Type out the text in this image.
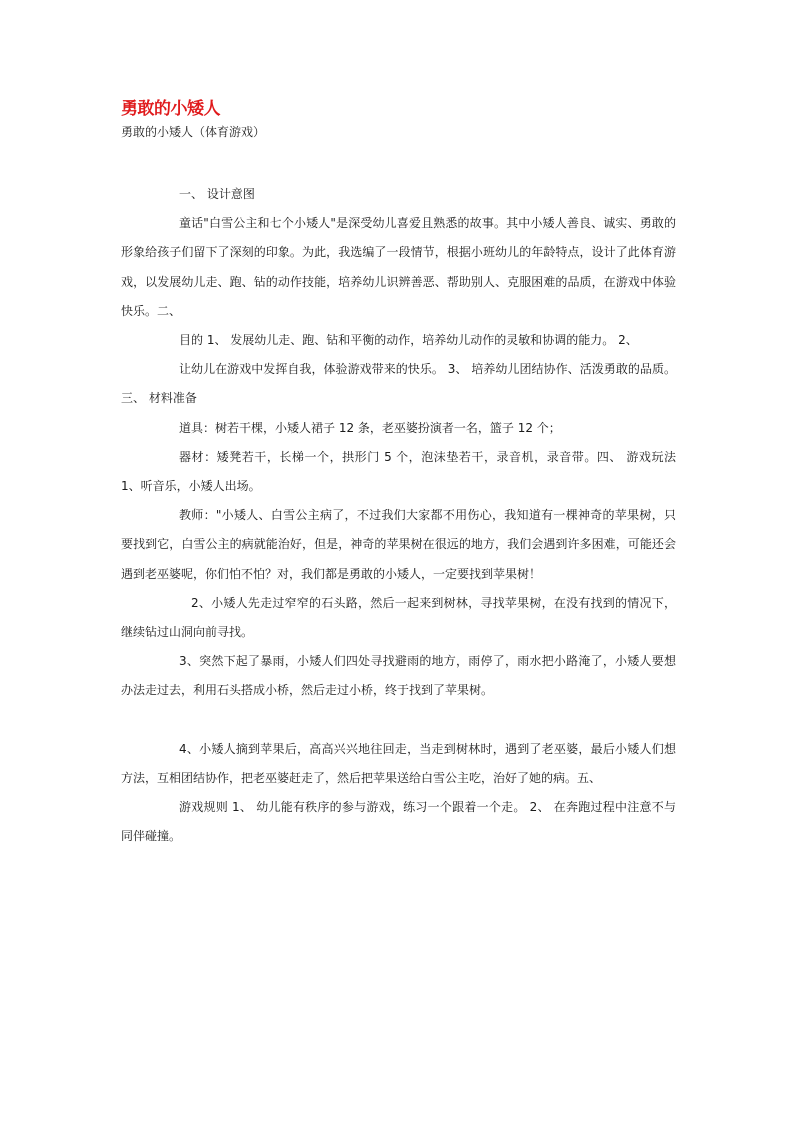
勇敢的小矮人
勇敢的小矮人（体育游戏）

一、 设计意图

童话"白雪公主和七个小矮人"是深受幼儿喜爱且熟悉的故事。其中小矮人善良、诚实、勇敢的形象给孩子们留下了深刻的印象。为此，我选编了一段情节，根据小班幼儿的年龄特点，设计了此体育游戏，以发展幼儿走、跑、钻的动作技能，培养幼儿识辨善恶、帮助别人、克服困难的品质，在游戏中体验快乐。二、

目的 1、 发展幼儿走、跑、钻和平衡的动作，培养幼儿动作的灵敏和协调的能力。 2、

让幼儿在游戏中发挥自我，体验游戏带来的快乐。 3、 培养幼儿团结协作、活泼勇敢的品质。三、 材料准备

道具：树若干棵，小矮人裙子 12 条，老巫婆扮演者一名，篮子 12 个；

器材：矮凳若干，长梯一个，拱形门 5 个，泡沫垫若干，录音机，录音带。四、 游戏玩法 1、听音乐，小矮人出场。

教师："小矮人、白雪公主病了，不过我们大家都不用伤心，我知道有一棵神奇的苹果树，只要找到它，白雪公主的病就能治好，但是，神奇的苹果树在很远的地方，我们会遇到许多困难，可能还会遇到老巫婆呢，你们怕不怕？对，我们都是勇敢的小矮人，一定要找到苹果树！

2、小矮人先走过窄窄的石头路，然后一起来到树林，寻找苹果树，在没有找到的情况下，继续钻过山洞向前寻找。

3、突然下起了暴雨，小矮人们四处寻找避雨的地方，雨停了，雨水把小路淹了，小矮人要想办法走过去，利用石头搭成小桥，然后走过小桥，终于找到了苹果树。

4、小矮人摘到苹果后，高高兴兴地往回走，当走到树林时，遇到了老巫婆，最后小矮人们想方法，互相团结协作，把老巫婆赶走了，然后把苹果送给白雪公主吃，治好了她的病。五、

游戏规则 1、 幼儿能有秩序的参与游戏，练习一个跟着一个走。 2、 在奔跑过程中注意不与同伴碰撞。
